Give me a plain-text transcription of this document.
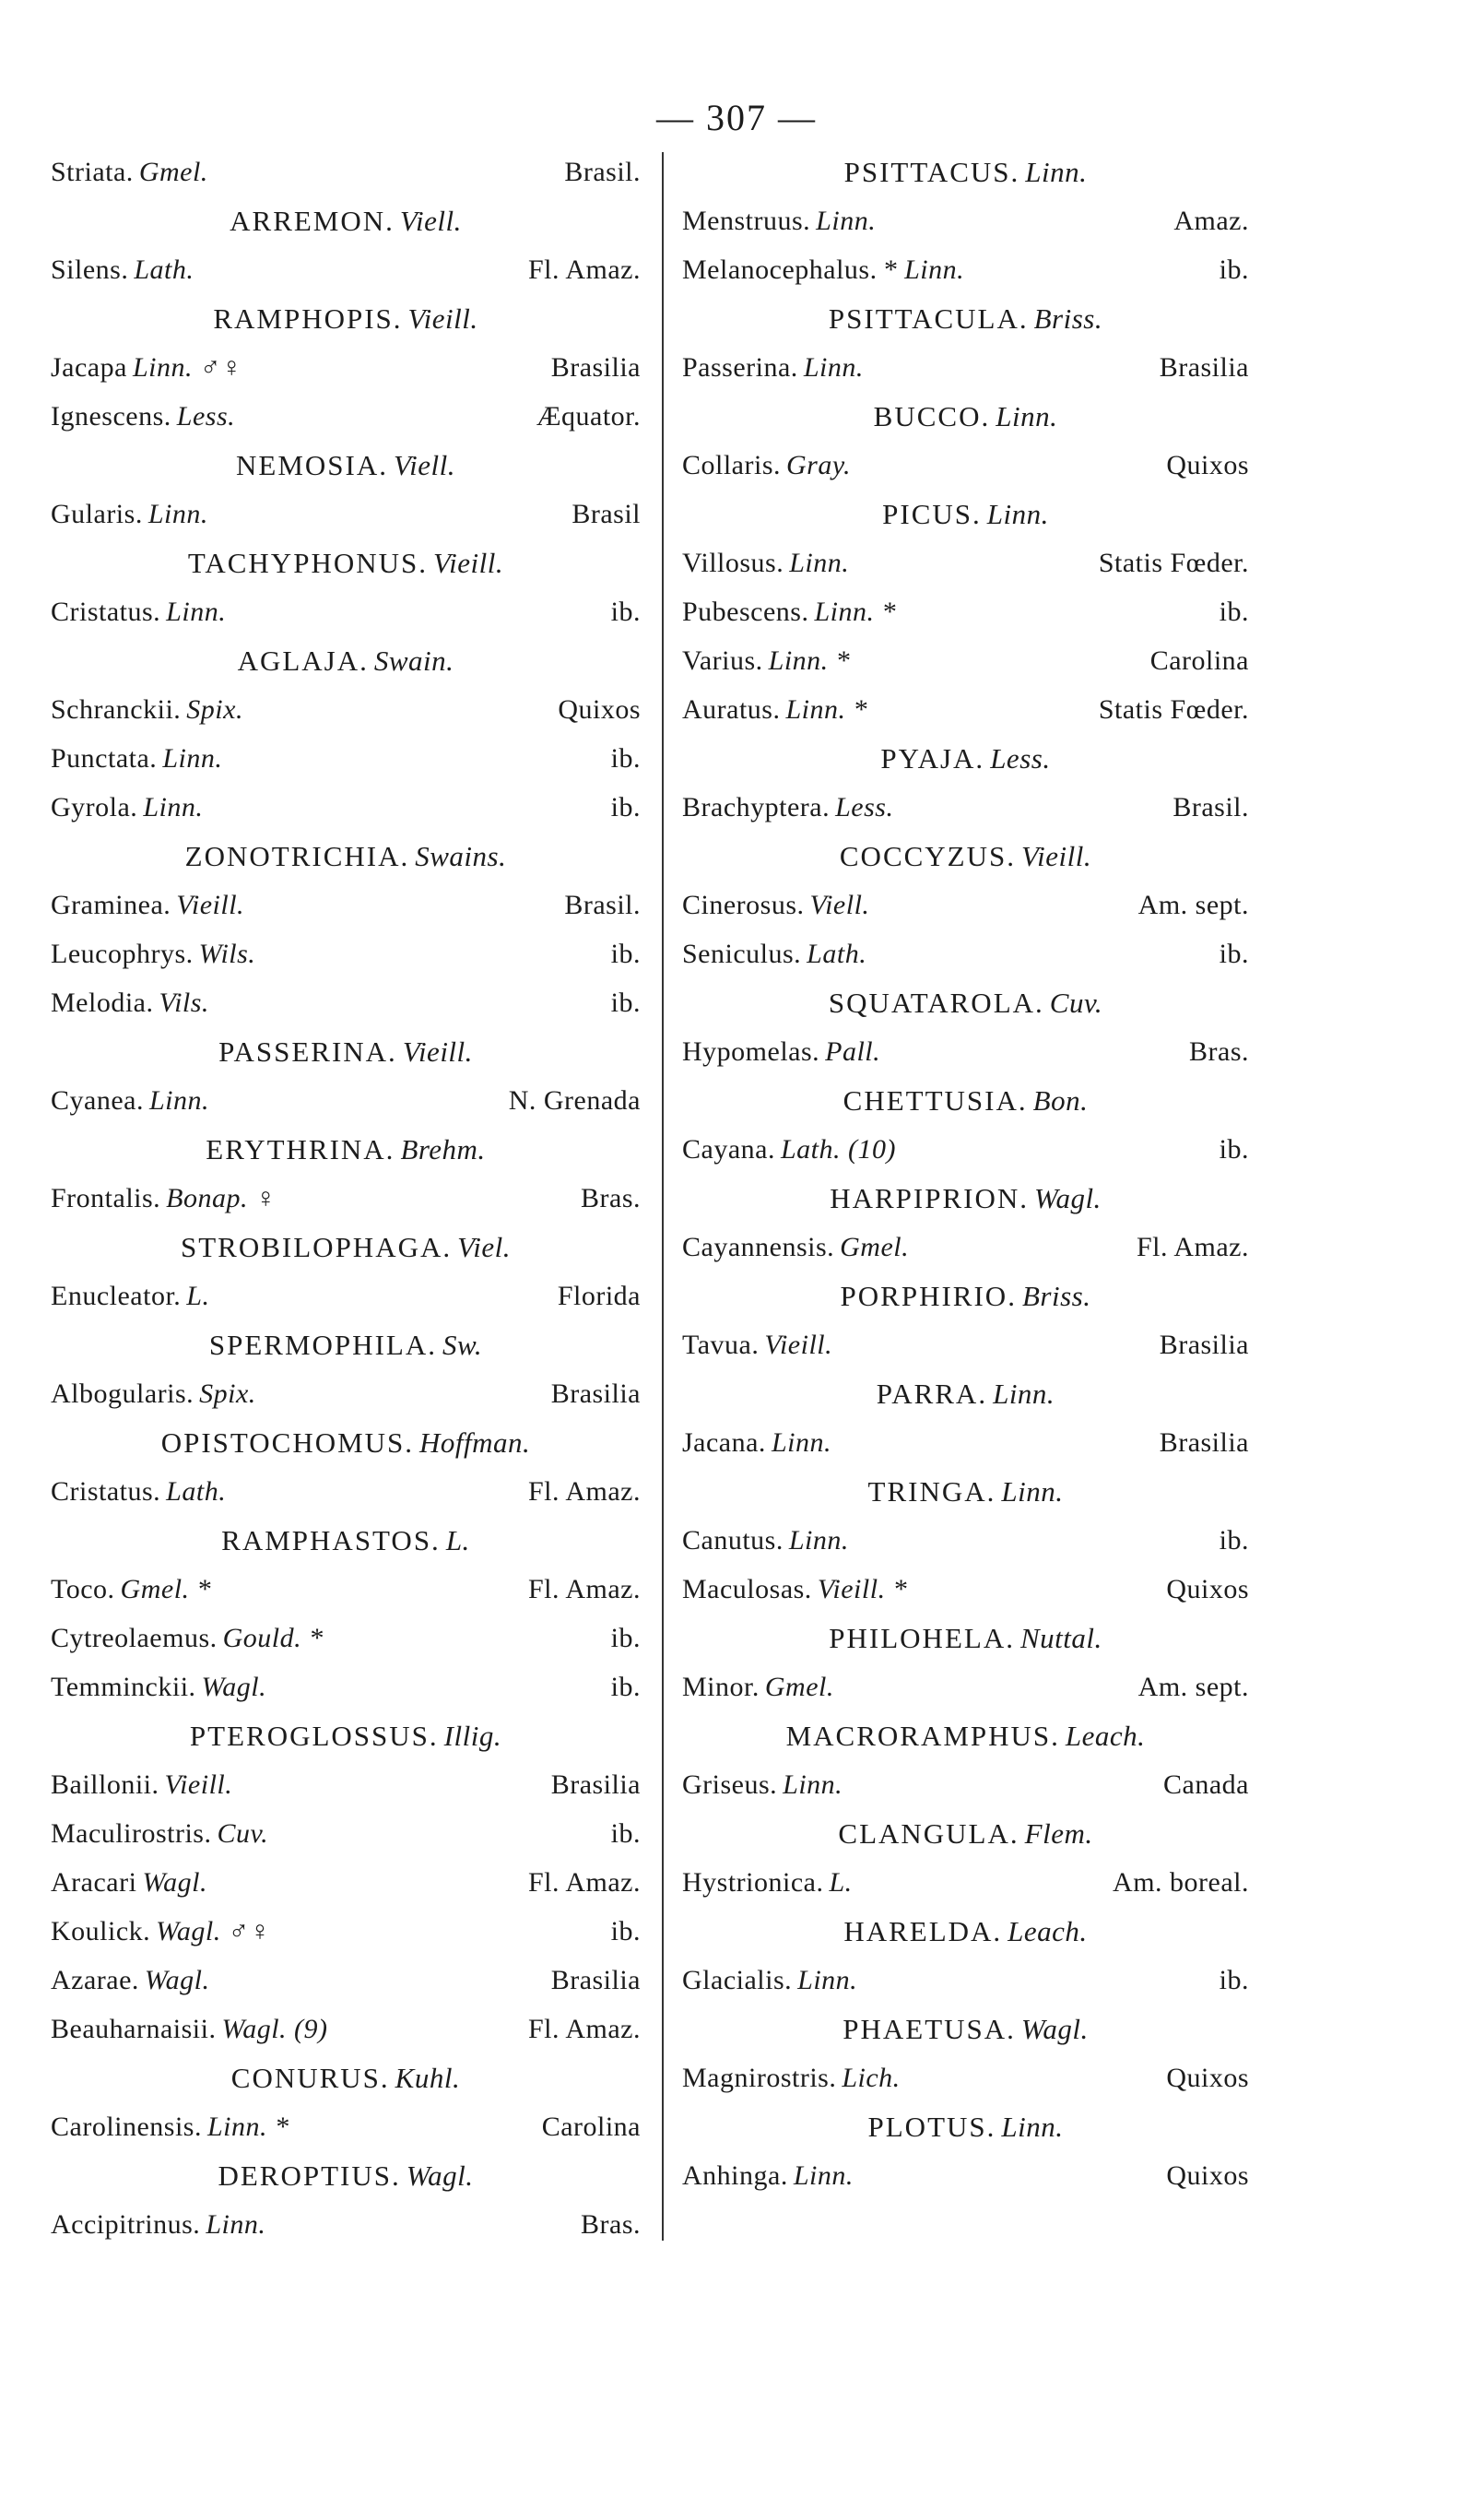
— 307 —
Striata. Gmel.	Brasil.
ARREMON. Viell.
Silens. Lath.	Fl. Amaz.
RAMPHOPIS. Vieill.
Jacapa Linn. ♂♀	Brasilia
Ignescens. Less.	Æquator.
NEMOSIA. Viell.
Gularis. Linn.	Brasil
TACHYPHONUS. Vieill.
Cristatus. Linn.	ib.
AGLAJA. Swain.
Schranckii. Spix.	Quixos
Punctata. Linn.	ib.
Gyrola. Linn.	ib.
ZONOTRICHIA. Swains.
Graminea. Vieill.	Brasil.
Leucophrys. Wils.	ib.
Melodia. Vils.	ib.
PASSERINA. Vieill.
Cyanea. Linn.	N. Grenada
ERYTHRINA. Brehm.
Frontalis. Bonap. ♀	Bras.
STROBILOPHAGA. Viel.
Enucleator. L.	Florida
SPERMOPHILA. Sw.
Albogularis. Spix.	Brasilia
OPISTOCHOMUS. Hoffman.
Cristatus. Lath.	Fl. Amaz.
RAMPHASTOS. L.
Toco. Gmel. *	Fl. Amaz.
Cytreolaemus. Gould. *	ib.
Temminckii. Wagl.	ib.
PTEROGLOSSUS. Illig.
Baillonii. Vieill.	Brasilia
Maculirostris. Cuv.	ib.
Aracari Wagl.	Fl. Amaz.
Koulick. Wagl. ♂♀	ib.
Azarae. Wagl.	Brasilia
Beauharnaisii. Wagl. (9)	Fl. Amaz.
CONURUS. Kuhl.
Carolinensis. Linn. *	Carolina
DEROPTIUS. Wagl.
Accipitrinus. Linn.	Bras.
PSITTACUS. Linn.
Menstruus. Linn.	Amaz.
Melanocephalus. * Linn.	ib.
PSITTACULA. Briss.
Passerina. Linn.	Brasilia
BUCCO. Linn.
Collaris. Gray.	Quixos
PICUS. Linn.
Villosus. Linn.	Statis Fœder.
Pubescens. Linn. *	ib.
Varius. Linn. *	Carolina
Auratus. Linn. *	Statis Fœder.
PYAJA. Less.
Brachyptera. Less.	Brasil.
COCCYZUS. Vieill.
Cinerosus. Viell.	Am. sept.
Seniculus. Lath.	ib.
SQUATAROLA. Cuv.
Hypomelas. Pall.	Bras.
CHETTUSIA. Bon.
Cayana. Lath. (10)	ib.
HARPIPRION. Wagl.
Cayannensis. Gmel.	Fl. Amaz.
PORPHIRIO. Briss.
Tavua. Vieill.	Brasilia
PARRA. Linn.
Jacana. Linn.	Brasilia
TRINGA. Linn.
Canutus. Linn.	ib.
Maculosas. Vieill. *	Quixos
PHILOHELA. Nuttal.
Minor. Gmel.	Am. sept.
MACRORAMPHUS. Leach.
Griseus. Linn.	Canada
CLANGULA. Flem.
Hystrionica. L.	Am. boreal.
HARELDA. Leach.
Glacialis. Linn.	ib.
PHAETUSA. Wagl.
Magnirostris. Lich.	Quixos
PLOTUS. Linn.
Anhinga. Linn.	Quixos
